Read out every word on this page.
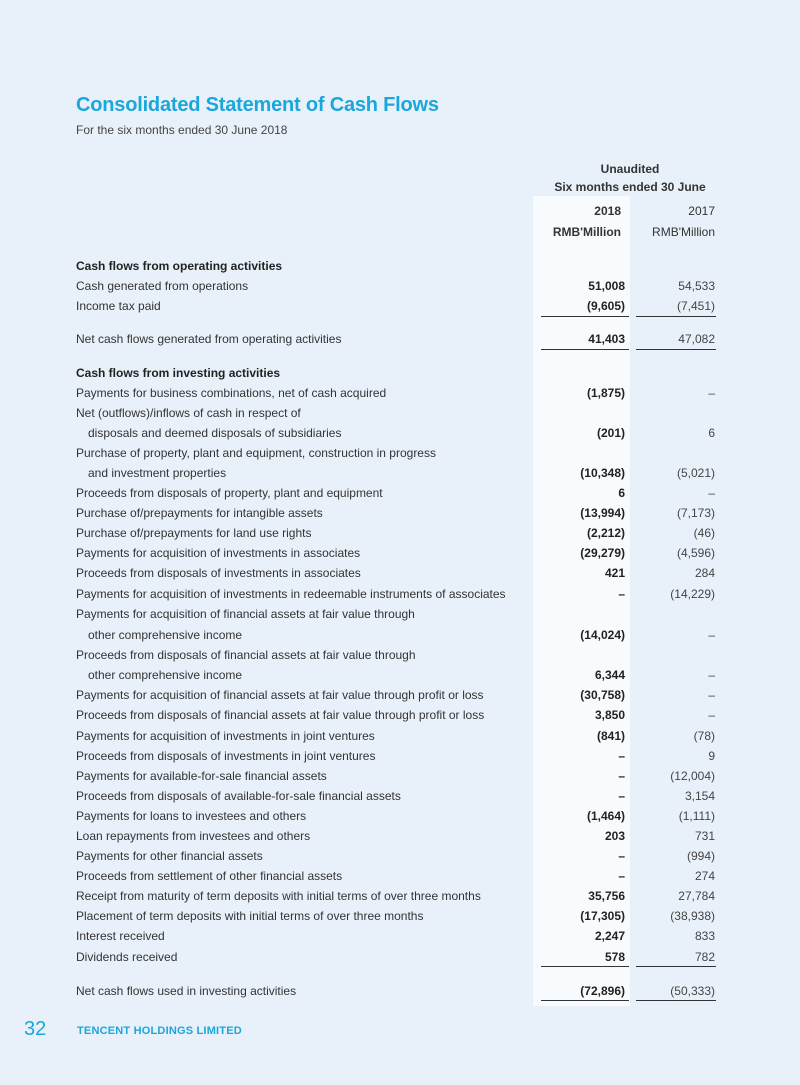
Consolidated Statement of Cash Flows

For the six months ended 30 June 2018

Unaudited
Six months ended 30 June
2018	2017
RMB'Million	RMB'Million
Cash flows from operating activities
Cash generated from operations	51,008	54,533
Income tax paid	(9,605)	(7,451)
Net cash flows generated from operating activities	41,403	47,082
Cash flows from investing activities
Payments for business combinations, net of cash acquired	(1,875)	–
Net (outflows)/inflows of cash in respect of
disposals and deemed disposals of subsidiaries	(201)	6
Purchase of property, plant and equipment, construction in progress
and investment properties	(10,348)	(5,021)
Proceeds from disposals of property, plant and equipment	6	–
Purchase of/prepayments for intangible assets	(13,994)	(7,173)
Purchase of/prepayments for land use rights	(2,212)	(46)
Payments for acquisition of investments in associates	(29,279)	(4,596)
Proceeds from disposals of investments in associates	421	284
Payments for acquisition of investments in redeemable instruments of associates	–	(14,229)
Payments for acquisition of financial assets at fair value through
other comprehensive income	(14,024)	–
Proceeds from disposals of financial assets at fair value through
other comprehensive income	6,344	–
Payments for acquisition of financial assets at fair value through profit or loss	(30,758)	–
Proceeds from disposals of financial assets at fair value through profit or loss	3,850	–
Payments for acquisition of investments in joint ventures	(841)	(78)
Proceeds from disposals of investments in joint ventures	–	9
Payments for available-for-sale financial assets	–	(12,004)
Proceeds from disposals of available-for-sale financial assets	–	3,154
Payments for loans to investees and others	(1,464)	(1,111)
Loan repayments from investees and others	203	731
Payments for other financial assets	–	(994)
Proceeds from settlement of other financial assets	–	274
Receipt from maturity of term deposits with initial terms of over three months	35,756	27,784
Placement of term deposits with initial terms of over three months	(17,305)	(38,938)
Interest received	2,247	833
Dividends received	578	782
Net cash flows used in investing activities	(72,896)	(50,333)
32	TENCENT HOLDINGS LIMITED
